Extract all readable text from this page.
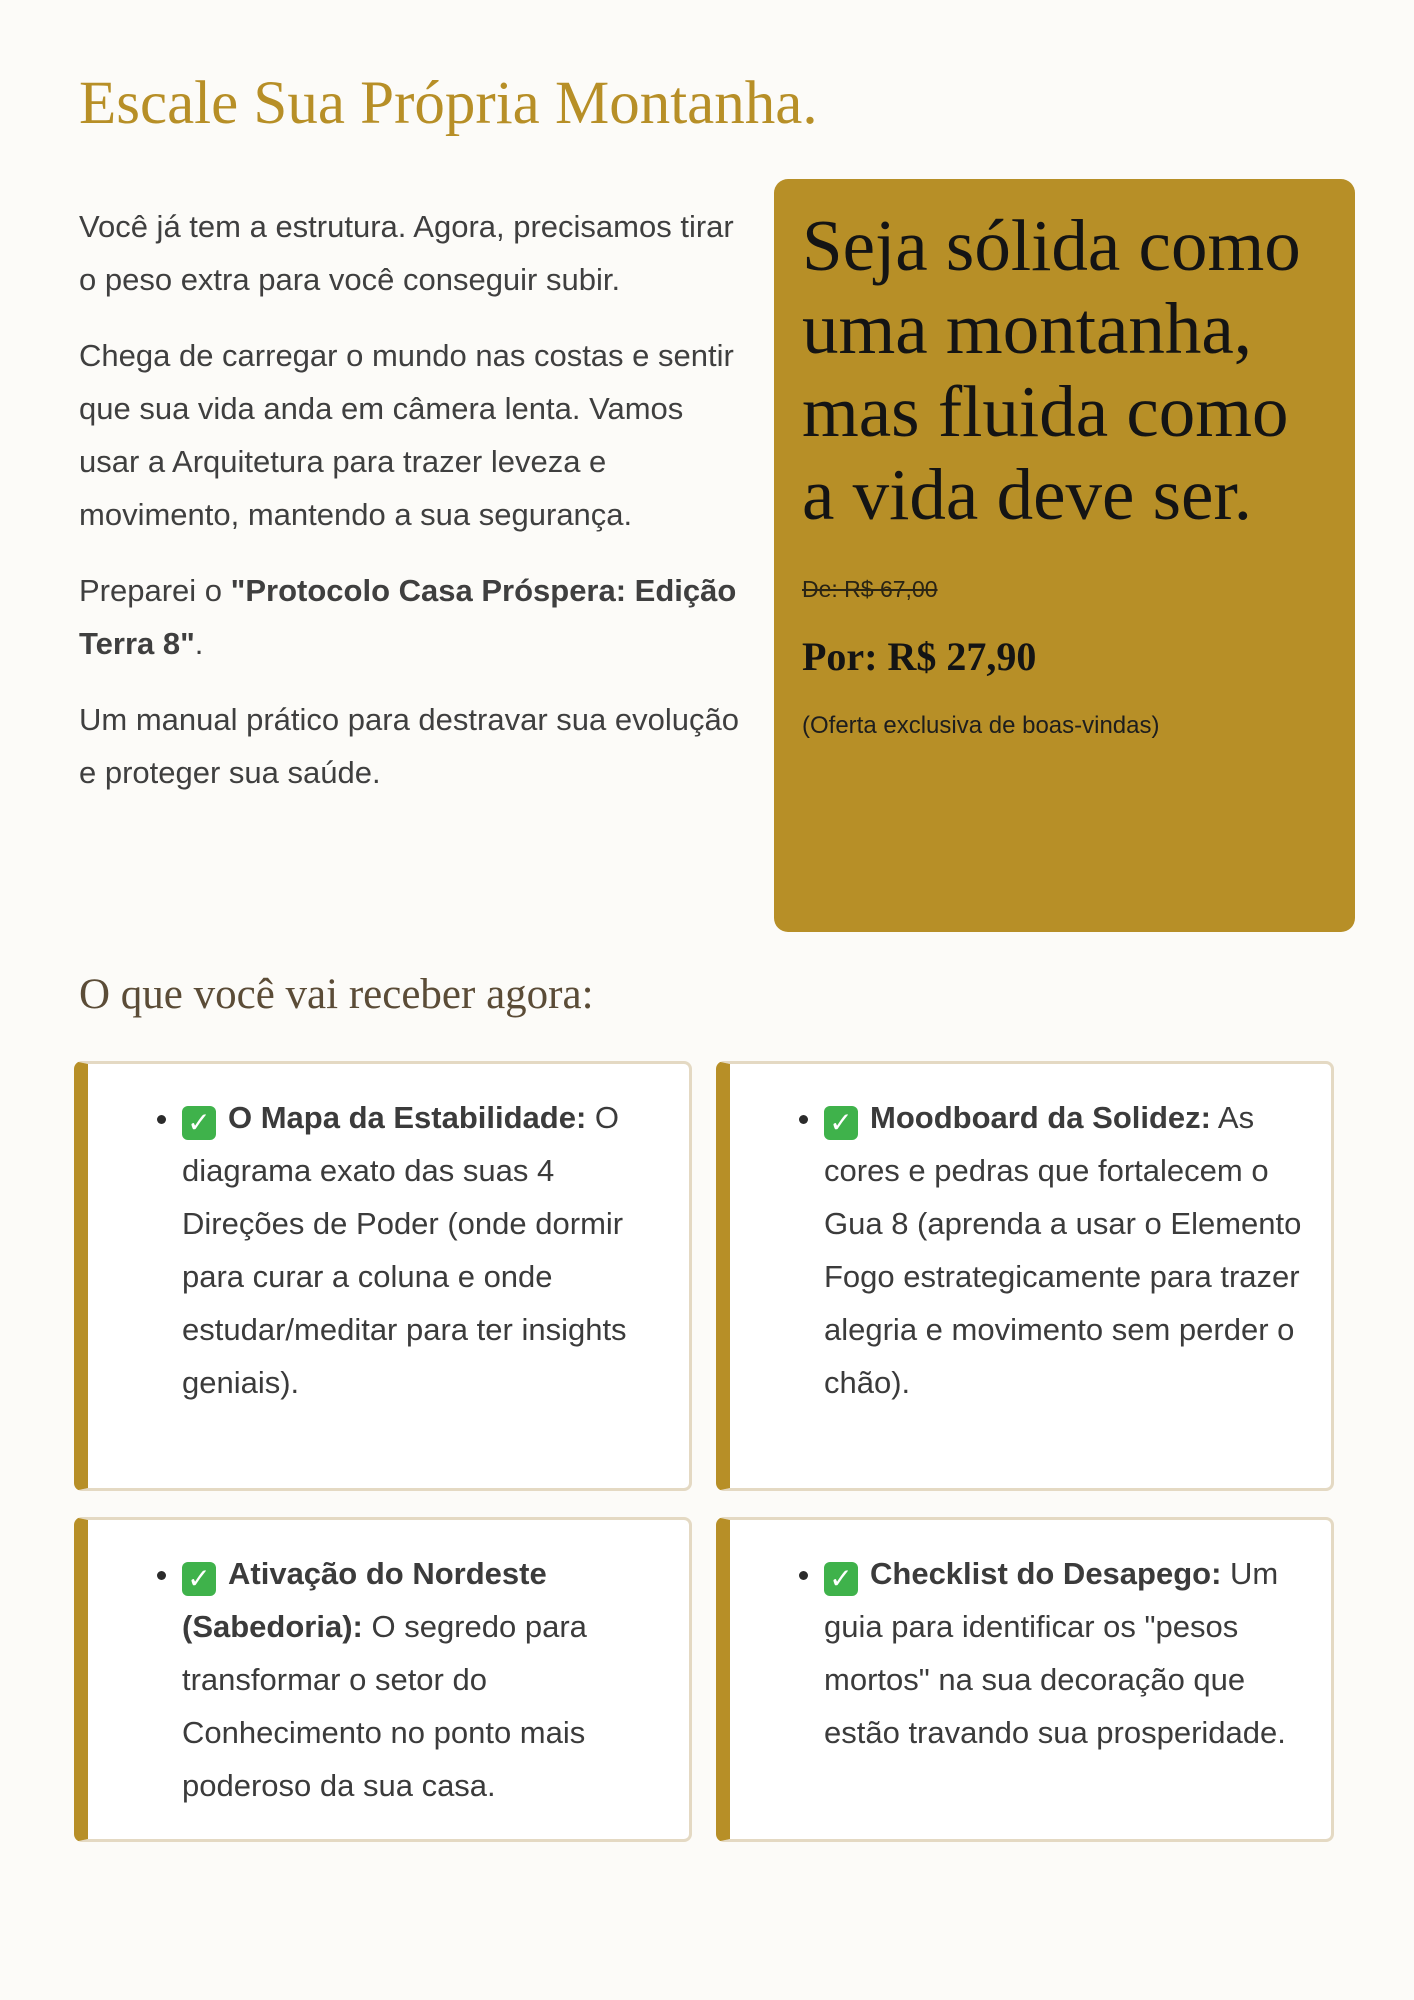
Escale Sua Própria Montanha.

Você já tem a estrutura. Agora, precisamos tirar o peso extra para você conseguir subir.

Chega de carregar o mundo nas costas e sentir que sua vida anda em câmera lenta. Vamos usar a Arquitetura para trazer leveza e movimento, mantendo a sua segurança.

Preparei o "Protocolo Casa Próspera: Edição Terra 8".

Um manual prático para destravar sua evolução e proteger sua saúde.

Seja sólida como uma montanha, mas fluida como a vida deve ser.
De: R$ 67,00
Por: R$ 27,90
(Oferta exclusiva de boas-vindas)
O que você vai receber agora:
• ✓ O Mapa da Estabilidade: O diagrama exato das suas 4 Direções de Poder (onde dormir para curar a coluna e onde estudar/meditar para ter insights geniais).
• ✓ Moodboard da Solidez: As cores e pedras que fortalecem o Gua 8 (aprenda a usar o Elemento Fogo estrategicamente para trazer alegria e movimento sem perder o chão).
• ✓ Ativação do Nordeste (Sabedoria): O segredo para transformar o setor do Conhecimento no ponto mais poderoso da sua casa.
• ✓ Checklist do Desapego: Um guia para identificar os "pesos mortos" na sua decoração que estão travando sua prosperidade.
